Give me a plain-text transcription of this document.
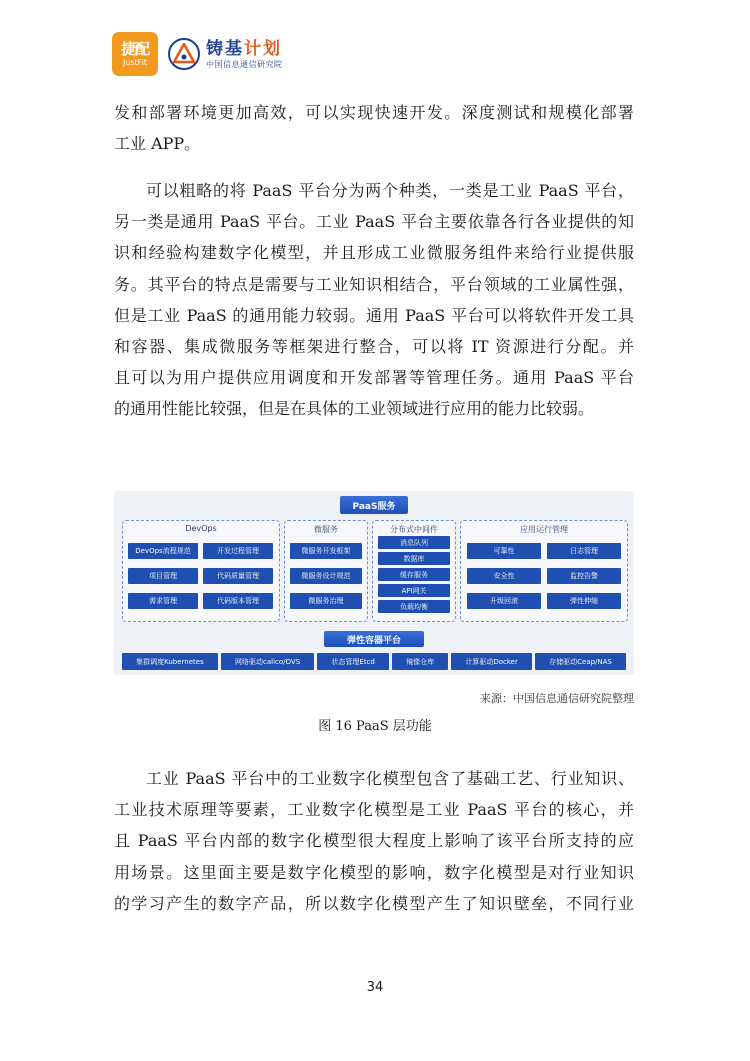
捷配
JustFit
铸基计划
中国信息通信研究院

发和部署环境更加高效，可以实现快速开发。深度测试和规模化部署
工业 APP。

可以粗略的将 PaaS 平台分为两个种类，一类是工业 PaaS 平台，
另一类是通用 PaaS 平台。工业 PaaS 平台主要依靠各行各业提供的知
识和经验构建数字化模型，并且形成工业微服务组件来给行业提供服
务。其平台的特点是需要与工业知识相结合，平台领域的工业属性强，
但是工业 PaaS 的通用能力较弱。通用 PaaS 平台可以将软件开发工具
和容器、集成微服务等框架进行整合，可以将 IT 资源进行分配。并
且可以为用户提供应用调度和开发部署等管理任务。通用 PaaS 平台
的通用性能比较强，但是在具体的工业领域进行应用的能力比较弱。

PaaS服务
DevOps
DevOps流程规范	开发过程管理
项目管理	代码质量管理
需求管理	代码版本管理
微服务
微服务开发框架
微服务设计规范
微服务治理
分布式中间件
消息队列
数据库
缓存服务
API网关
负载均衡
应用运行管理
可靠性	日志管理
安全性	监控告警
升级回滚	弹性伸缩
弹性容器平台
集群调度Kubernetes	网络驱动calico/OVS	状态管理Etcd	镜像仓库	计算驱动Docker	存储驱动Ceap/NAS
来源：中国信息通信研究院整理
图 16 PaaS 层功能

工业 PaaS 平台中的工业数字化模型包含了基础工艺、行业知识、
工业技术原理等要素，工业数字化模型是工业 PaaS 平台的核心，并
且 PaaS 平台内部的数字化模型很大程度上影响了该平台所支持的应
用场景。这里面主要是数字化模型的影响，数字化模型是对行业知识
的学习产生的数字产品，所以数字化模型产生了知识壁垒，不同行业

34
